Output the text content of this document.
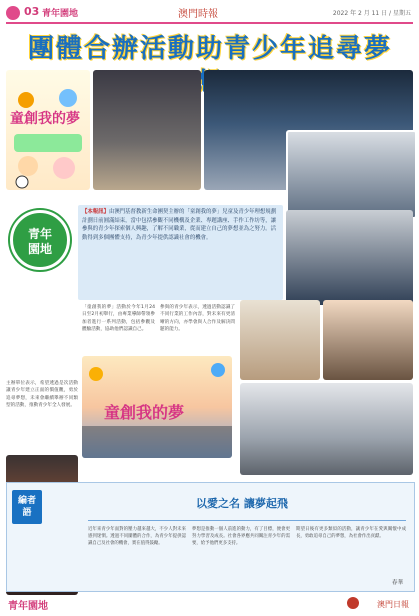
03 青年園地	澳門時報	2022 年 2 月 11 日 / 星期五
團體合辦活動助青少年追尋夢
童創我的夢
青年
園地
【本報訊】由澳門基督教新生命團契主辦的「童創我的夢」兒童及青少年理想規劃計劃日前圓滿結束，當中包括參觀不同機構及企業、專題講座、手作工作坊等，讓參與的青少年探索個人興趣，了解不同職業，從而建立自己的夢想並為之努力。活動得到多個團體支持，為青少年提供認識社會的機會。
「童創我的夢」活動於今年1月24日至2月初舉行，由專業導師帶領參加者進行一系列活動，包括參觀及體驗活動，協助他們認識自己。
參與的青少年表示，透過活動認識了不同行業的工作內容，對未來有更清晰的方向，亦學會與人合作及解決問題的能力。
童創我的夢
主辦單位表示，希望透過是次活動讓青少年建立正面的價值觀，勇於追尋夢想，未來會繼續舉辦不同類型的活動，推動青少年全人發展。
編者
語
以愛之名 讓夢起飛
近年來青少年面對的壓力越來越大，不少人對未來感到迷惘。透過不同團體的合作，為青少年提供認識自己及社會的機會，實在值得鼓勵。
夢想是推動一個人前進的動力，有了目標，便會更努力學習及成長。社會各界應共同關注青少年的需要，給予他們更多支持。
期望日後有更多類似的活動，讓青少年在愛與關懷中成長，勇敢追尋自己的夢想，為社會作出貢獻。
春華
青年園地	澳門日報
